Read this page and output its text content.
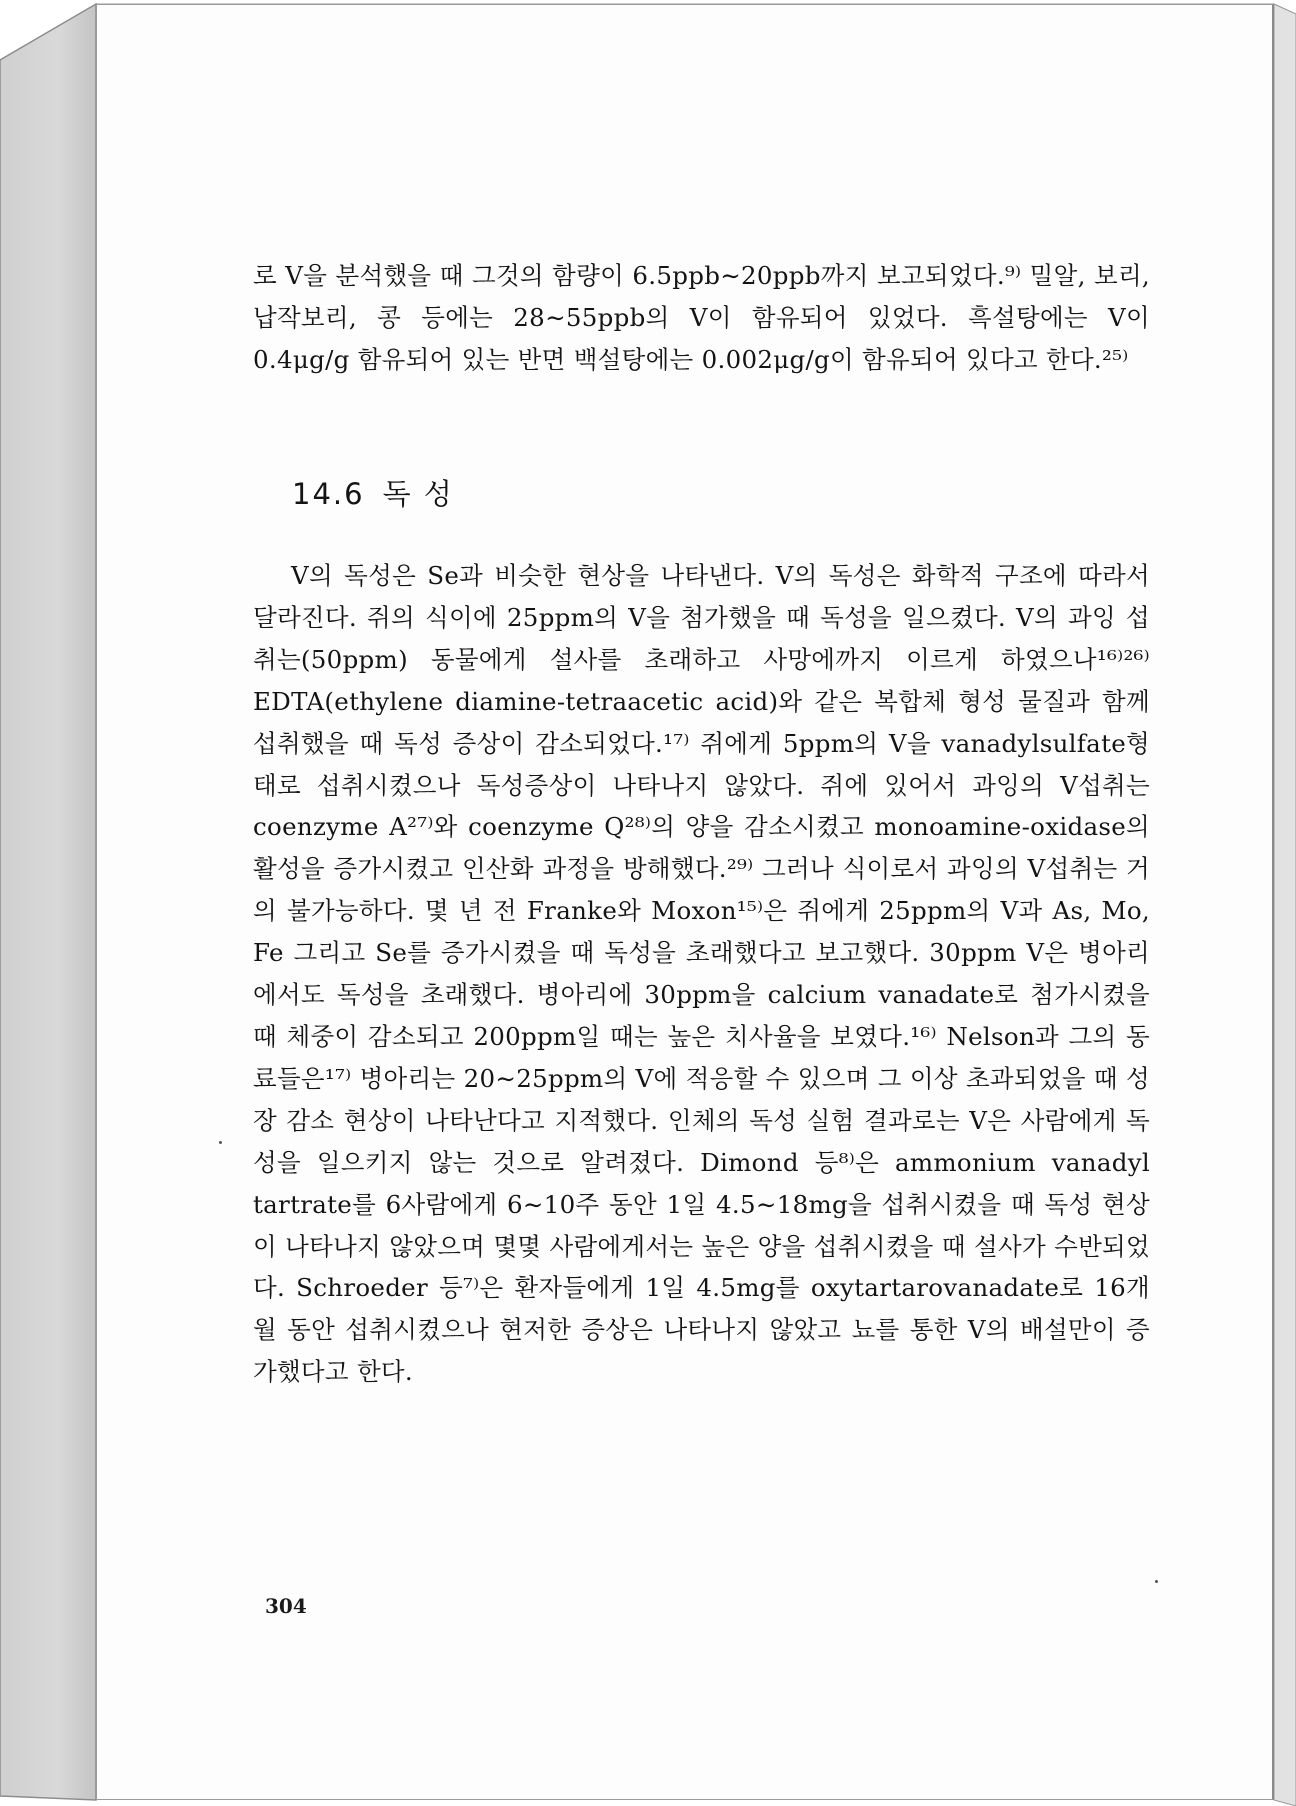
로 V을 분석했을 때 그것의 함량이 6.5ppb∼20ppb까지 보고되었다.⁹⁾ 밀알, 보리, 납작보리, 콩 등에는 28∼55ppb의 V이 함유되어 있었다. 흑설탕에는 V이 0.4μg/g 함유되어 있는 반면 백설탕에는 0.002μg/g이 함유되어 있다고 한다.²⁵⁾

14.6 독 성

V의 독성은 Se과 비슷한 현상을 나타낸다. V의 독성은 화학적 구조에 따라서 달라진다. 쥐의 식이에 25ppm의 V을 첨가했을 때 독성을 일으켰다. V의 과잉 섭취는(50ppm) 동물에게 설사를 초래하고 사망에까지 이르게 하였으나¹⁶⁾²⁶⁾ EDTA(ethylene diamine-tetraacetic acid)와 같은 복합체 형성 물질과 함께 섭취했을 때 독성 증상이 감소되었다.¹⁷⁾ 쥐에게 5ppm의 V을 vanadylsulfate형태로 섭취시켰으나 독성증상이 나타나지 않았다. 쥐에 있어서 과잉의 V섭취는 coenzyme A²⁷⁾와 coenzyme Q²⁸⁾의 양을 감소시켰고 monoamine-oxidase의 활성을 증가시켰고 인산화 과정을 방해했다.²⁹⁾ 그러나 식이로서 과잉의 V섭취는 거의 불가능하다. 몇 년 전 Franke와 Moxon¹⁵⁾은 쥐에게 25ppm의 V과 As, Mo, Fe 그리고 Se를 증가시켰을 때 독성을 초래했다고 보고했다. 30ppm V은 병아리에서도 독성을 초래했다. 병아리에 30ppm을 calcium vanadate로 첨가시켰을 때 체중이 감소되고 200ppm일 때는 높은 치사율을 보였다.¹⁶⁾ Nelson과 그의 동료들은¹⁷⁾ 병아리는 20∼25ppm의 V에 적응할 수 있으며 그 이상 초과되었을 때 성장 감소 현상이 나타난다고 지적했다. 인체의 독성 실험 결과로는 V은 사람에게 독성을 일으키지 않는 것으로 알려졌다. Dimond 등⁸⁾은 ammonium vanadyl tartrate를 6사람에게 6∼10주 동안 1일 4.5∼18mg을 섭취시켰을 때 독성 현상이 나타나지 않았으며 몇몇 사람에게서는 높은 양을 섭취시켰을 때 설사가 수반되었다. Schroeder 등⁷⁾은 환자들에게 1일 4.5mg를 oxytartarovanadate로 16개월 동안 섭취시켰으나 현저한 증상은 나타나지 않았고 뇨를 통한 V의 배설만이 증가했다고 한다.

304
